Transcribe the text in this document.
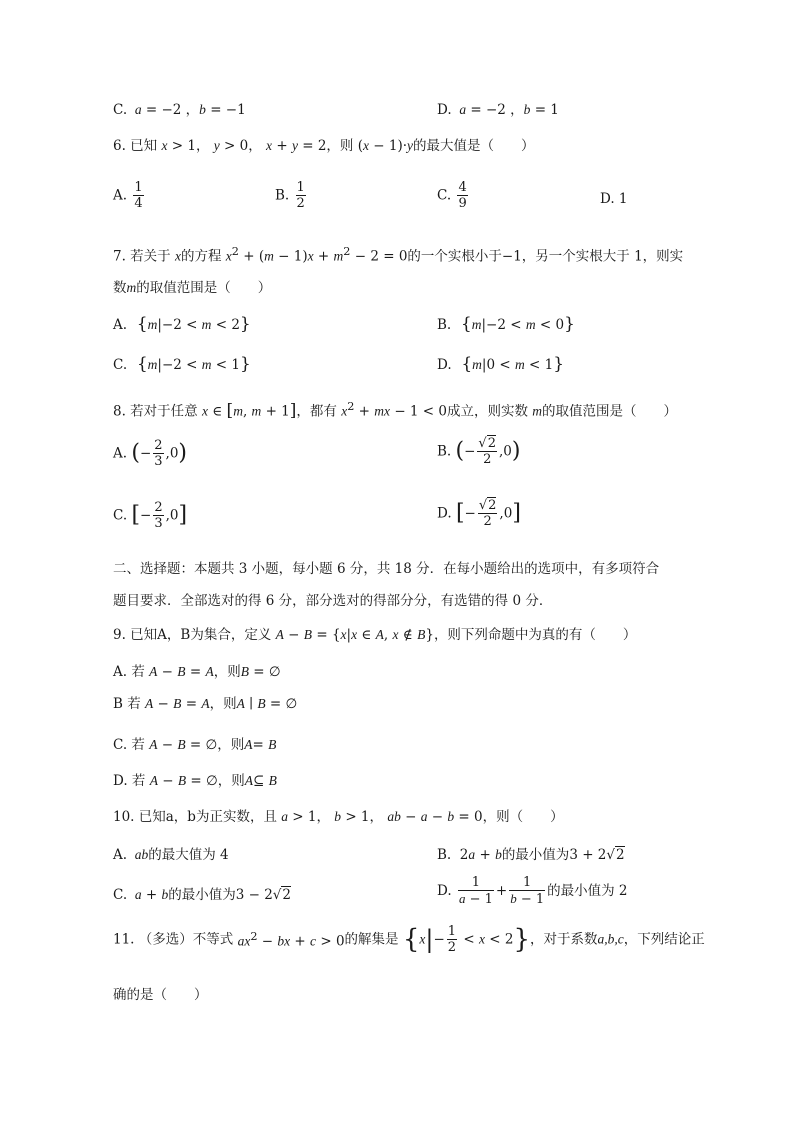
C.  a = −2 ，b = −1	D.  a = −2 ，b = 1
6. 已知 x > 1， y > 0， x + y = 2，则 (x − 1)·y的最大值是（　　）
A. $\frac{1}{4}$	B. $\frac{1}{2}$	C. $\frac{4}{9}$	D. 1
7. 若关于 x的方程 $x^2 + (m - 1)x + m^2 - 2 = 0$的一个实根小于−1，另一个实根大于 1，则实
数m的取值范围是（　　）
A.  {m|−2 < m < 2}	B.  {m|−2 < m < 0}
C.  {m|−2 < m < 1}	D.  {m|0 < m < 1}
8. 若对于任意 x ∈ [m, m + 1]，都有 $x^2$ + mx − 1 < 0成立，则实数 m的取值范围是（　　）
A. (− $\frac{2}{3} ,0$)	B. (− $\frac{√2}{2} ,0$)
C. [− $\frac{2}{3} ,0$]	D. [− $\frac{√2}{2} ,0$]
二、选择题：本题共 3 小题，每小题 6 分，共 18 分．在每小题给出的选项中，有多项符合
题目要求．全部选对的得 6 分，部分选对的得部分分，有选错的得 0 分．
9. 已知A，B为集合，定义 A − B = {x|x ∈ A, x ∉ B}，则下列命题中为真的有（　　）
A. 若 A − B = A，则B = ∅
B 若 A − B = A，则A ∣ B = ∅
C. 若 A − B = ∅，则A= B
D. 若 A − B = ∅，则A⊆ B
10. 已知a，b为正实数，且 a > 1， b > 1， ab − a − b = 0，则（　　）
A.  ab的最大值为 4	B.  2a + b的最小值为3 + 2√2
C.  a + b的最小值为3 − 2√2	D. $\frac{1}{a - 1} + \frac{1}{b - 1}$ 的最小值为 2
11. （多选）不等式 $ax^2$ − bx + c > 0的解集是 $\{x|- \frac{1}{2} < x < 2\}$，对于系数a,b,c，下列结论正
确的是（　　）
